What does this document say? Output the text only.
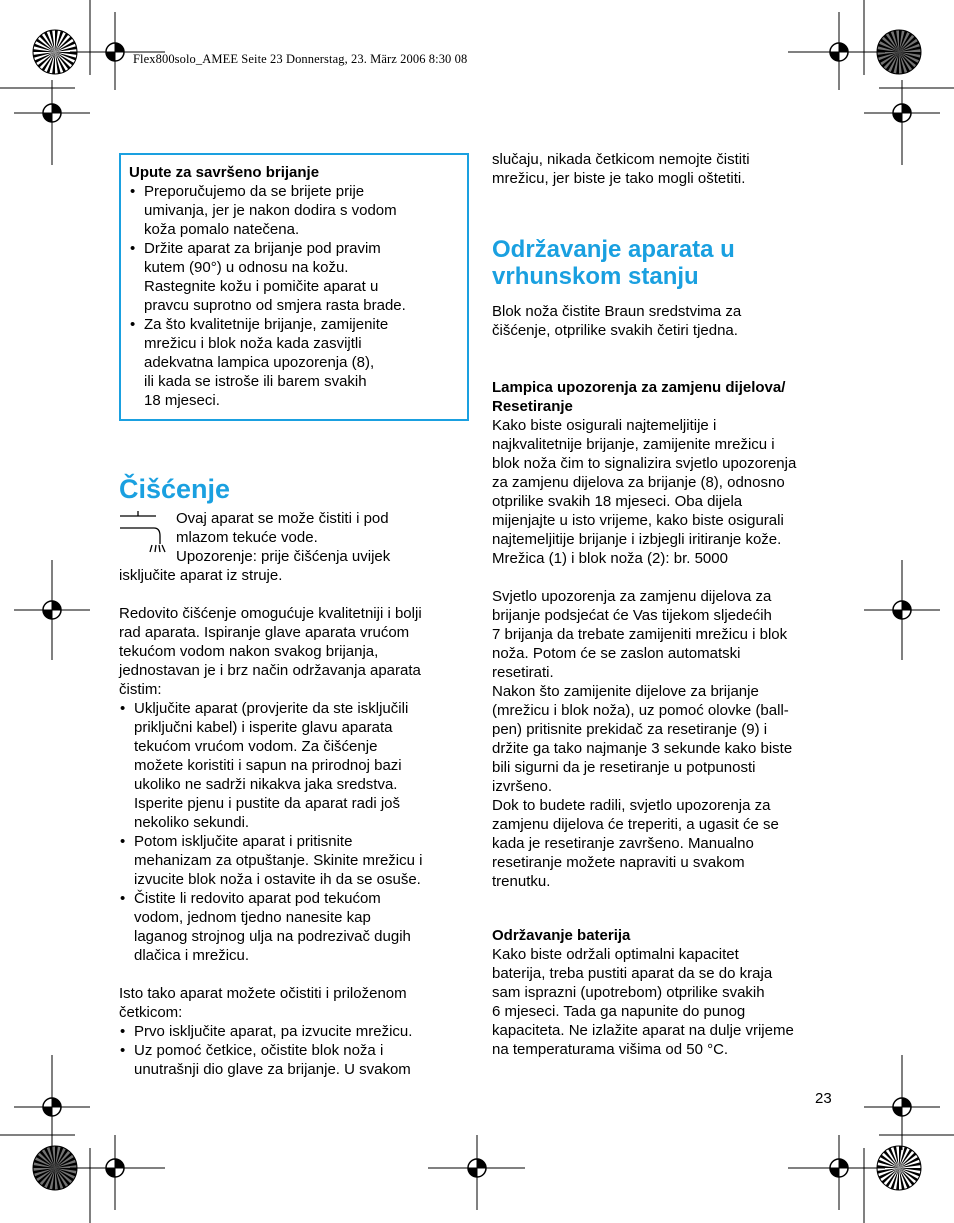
Flex800solo_AMEE Seite 23 Donnerstag, 23. März 2006 8:30 08
Upute za savršeno brijanje
• Preporučujemo da se brijete prije
umivanja, jer je nakon dodira s vodom
koža pomalo natečena.
• Držite aparat za brijanje pod pravim
kutem (90°) u odnosu na kožu.
Rastegnite kožu i pomičite aparat u
pravcu suprotno od smjera rasta brade.
• Za što kvalitetnije brijanje, zamijenite
mrežicu i blok noža kada zasvijtli
adekvatna lampica upozorenja (8),
ili kada se istroše ili barem svakih
18 mjeseci.
Čišćenje
Ovaj aparat se može čistiti i pod
mlazom tekuće vode.
Upozorenje: prije čišćenja uvijek

isključite aparat iz struje.

Redovito čišćenje omogućuje kvalitetniji i bolji
rad aparata. Ispiranje glave aparata vrućom
tekućom vodom nakon svakog brijanja,
jednostavan je i brz način održavanja aparata
čistim:
• Uključite aparat (provjerite da ste isključili
priključni kabel) i isperite glavu aparata
tekućom vrućom vodom. Za čišćenje
možete koristiti i sapun na prirodnoj bazi
ukoliko ne sadrži nikakva jaka sredstva.
Isperite pjenu i pustite da aparat radi još
nekoliko sekundi.
• Potom isključite aparat i pritisnite
mehanizam za otpuštanje. Skinite mrežicu i
izvucite blok noža i ostavite ih da se osuše.
• Čistite li redovito aparat pod tekućom
vodom, jednom tjedno nanesite kap
laganog strojnog ulja na podrezivač dugih
dlačica i mrežicu.
Isto tako aparat možete očistiti i priloženom
četkicom:
• Prvo isključite aparat, pa izvucite mrežicu.
• Uz pomoć četkice, očistite blok noža i
unutrašnji dio glave za brijanje. U svakom
slučaju, nikada četkicom nemojte čistiti
mrežicu, jer biste je tako mogli oštetiti.
Održavanje aparata u
vrhunskom stanju
Blok noža čistite Braun sredstvima za
čišćenje, otprilike svakih četiri tjedna.
Lampica upozorenja za zamjenu dijelova/
Resetiranje
Kako biste osigurali najtemeljitije i
najkvalitetnije brijanje, zamijenite mrežicu i
blok noža čim to signalizira svjetlo upozorenja
za zamjenu dijelova za brijanje (8), odnosno
otprilike svakih 18 mjeseci. Oba dijela
mijenjajte u isto vrijeme, kako biste osigurali
najtemeljitije brijanje i izbjegli iritiranje kože.
Mrežica (1) i blok noža (2): br. 5000
Svjetlo upozorenja za zamjenu dijelova za
brijanje podsjećat će Vas tijekom sljedećih
7 brijanja da trebate zamijeniti mrežicu i blok
noža. Potom će se zaslon automatski
resetirati.
Nakon što zamijenite dijelove za brijanje
(mrežicu i blok noža), uz pomoć olovke (ball-
pen) pritisnite prekidač za resetiranje (9) i
držite ga tako najmanje 3 sekunde kako biste
bili sigurni da je resetiranje u potpunosti
izvršeno.
Dok to budete radili, svjetlo upozorenja za
zamjenu dijelova će treperiti, a ugasit će se
kada je resetiranje završeno. Manualno
resetiranje možete napraviti u svakom
trenutku.
Održavanje baterija
Kako biste održali optimalni kapacitet
baterija, treba pustiti aparat da se do kraja
sam isprazni (upotrebom) otprilike svakih
6 mjeseci. Tada ga napunite do punog
kapaciteta. Ne izlažite aparat na dulje vrijeme
na temperaturama višima od 50 °C.
23
